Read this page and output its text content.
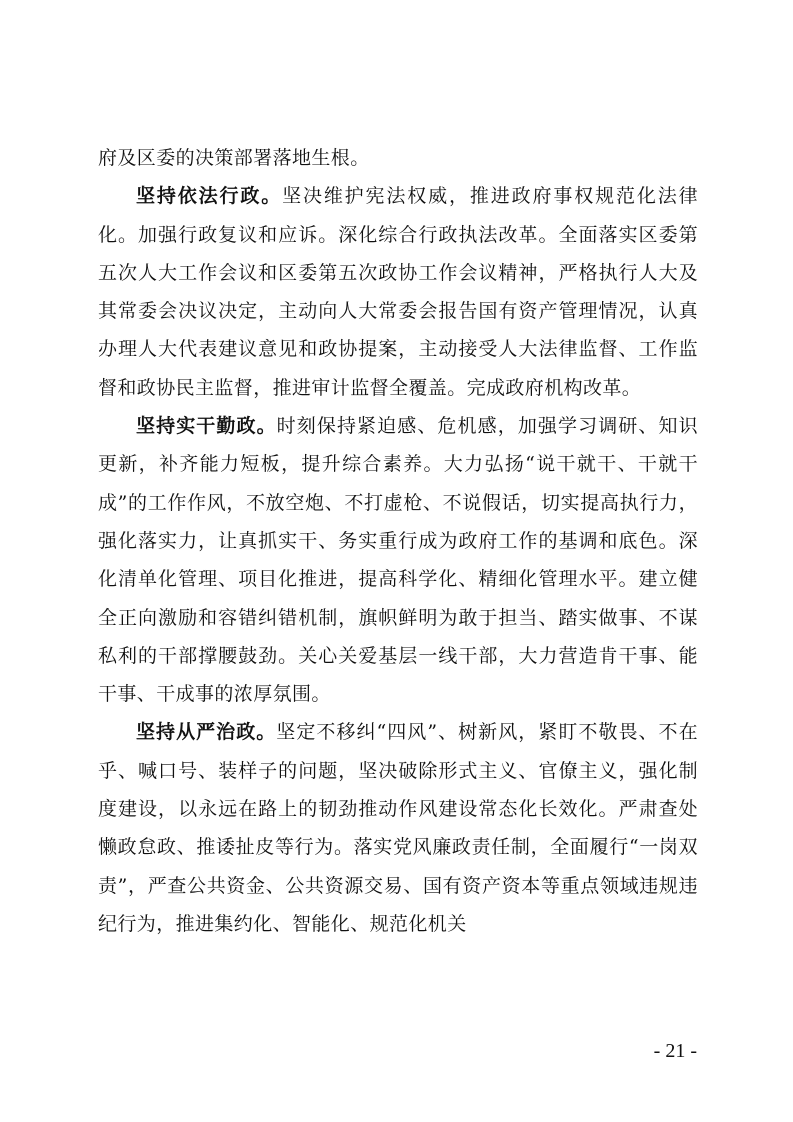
府及区委的决策部署落地生根。

坚持依法行政。坚决维护宪法权威，推进政府事权规范化法律化。加强行政复议和应诉。深化综合行政执法改革。全面落实区委第五次人大工作会议和区委第五次政协工作会议精神，严格执行人大及其常委会决议决定，主动向人大常委会报告国有资产管理情况，认真办理人大代表建议意见和政协提案，主动接受人大法律监督、工作监督和政协民主监督，推进审计监督全覆盖。完成政府机构改革。

坚持实干勤政。时刻保持紧迫感、危机感，加强学习调研、知识更新，补齐能力短板，提升综合素养。大力弘扬“说干就干、干就干成”的工作作风，不放空炮、不打虚枪、不说假话，切实提高执行力，强化落实力，让真抓实干、务实重行成为政府工作的基调和底色。深化清单化管理、项目化推进，提高科学化、精细化管理水平。建立健全正向激励和容错纠错机制，旗帜鲜明为敢于担当、踏实做事、不谋私利的干部撑腰鼓劲。关心关爱基层一线干部，大力营造肯干事、能干事、干成事的浓厚氛围。

坚持从严治政。坚定不移纠“四风”、树新风，紧盯不敬畏、不在乎、喊口号、装样子的问题，坚决破除形式主义、官僚主义，强化制度建设，以永远在路上的韧劲推动作风建设常态化长效化。严肃查处懒政怠政、推诿扯皮等行为。落实党风廉政责任制，全面履行“一岗双责”，严查公共资金、公共资源交易、国有资产资本等重点领域违规违纪行为，推进集约化、智能化、规范化机关

- 21 -
